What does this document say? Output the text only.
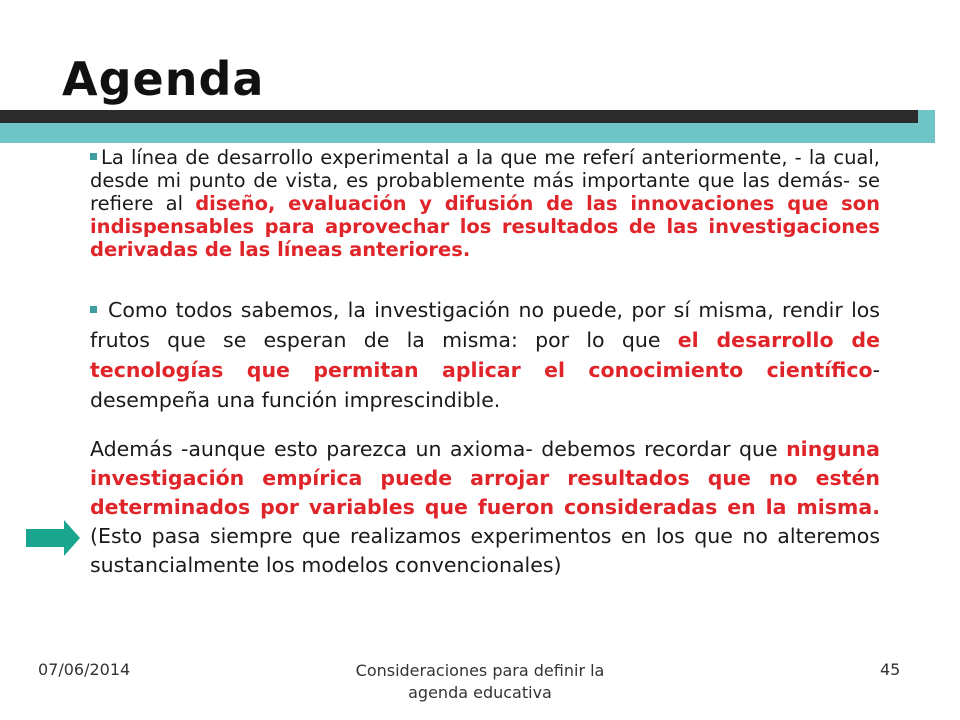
Agenda

La línea de desarrollo experimental a la que me referí anteriormente, - la cual, desde mi punto de vista, es probablemente más importante que las demás- se refiere al diseño, evaluación y difusión de las innovaciones que son indispensables para aprovechar los resultados de las investigaciones derivadas de las líneas anteriores.

Como todos sabemos, la investigación no puede, por sí misma, rendir los frutos que se esperan de la misma: por lo que el desarrollo de tecnologías que permitan aplicar el conocimiento científico- desempeña una función imprescindible.

Además -aunque esto parezca un axioma- debemos recordar que ninguna investigación empírica puede arrojar resultados que no estén determinados por variables que fueron consideradas en la misma. (Esto pasa siempre que realizamos experimentos en los que no alteremos sustancialmente los modelos convencionales)

07/06/2014	Consideraciones para definir la
agenda educativa
45
